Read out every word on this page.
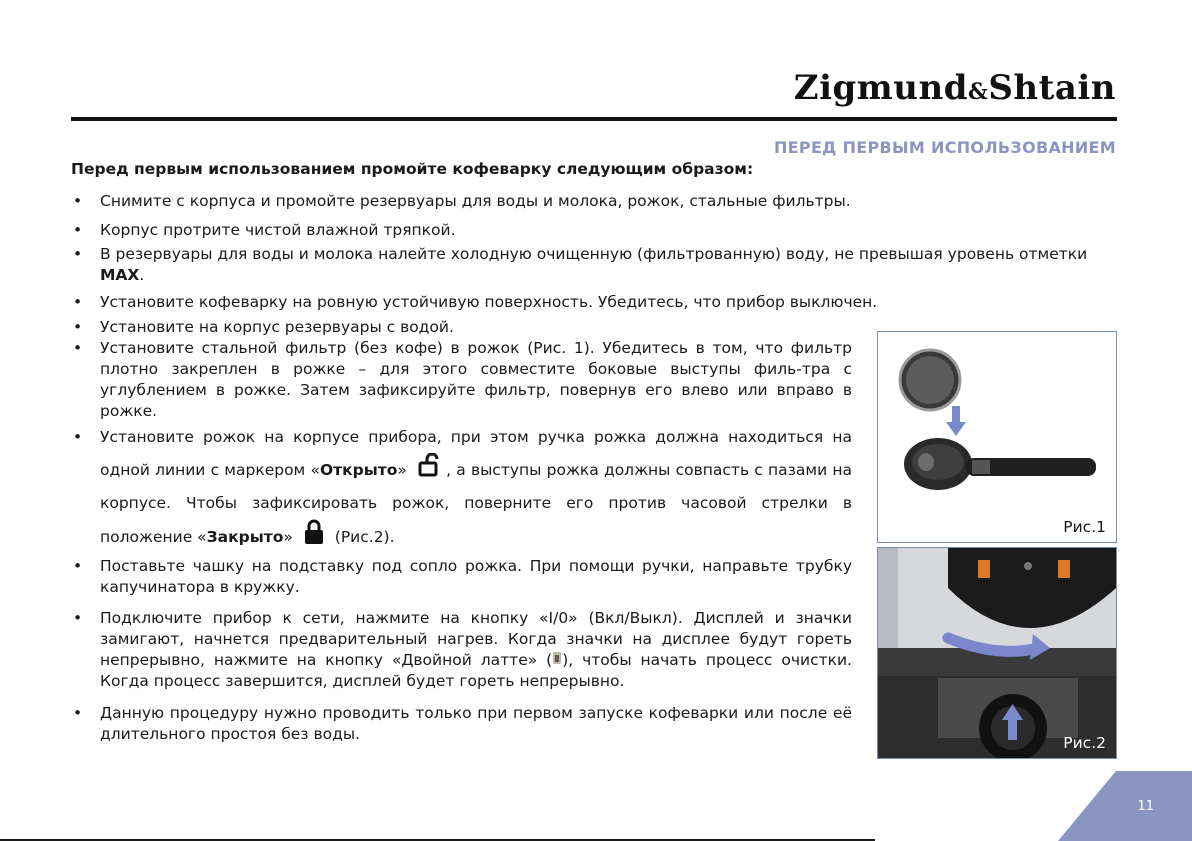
Zigmund&Shtain
ПЕРЕД ПЕРВЫМ ИСПОЛЬЗОВАНИЕМ
Перед первым использованием промойте кофеварку следующим образом:
• Снимите с корпуса и промойте резервуары для воды и молока, рожок, стальные фильтры.
• Корпус протрите чистой влажной тряпкой.
• В резервуары для воды и молока налейте холодную очищенную (фильтрованную) воду, не превышая уровень отметки MAX.
• Установите кофеварку на ровную устойчивую поверхность. Убедитесь, что прибор выключен.
• Установите на корпус резервуары с водой.
• Установите стальной фильтр (без кофе) в рожок (Рис. 1). Убедитесь в том, что фильтр плотно закреплен в рожке – для этого совместите боковые выступы филь-тра с углублением в рожке. Затем зафиксируйте фильтр, повернув его влево или вправо в рожке.
• Установите рожок на корпусе прибора, при этом ручка рожка должна находиться на одной линии с маркером «Открыто»	, а выступы рожка должны совпасть с пазами на корпусе. Чтобы зафиксировать рожок, поверните его против часовой стрелки в положение «Закрыто»	(Рис.2).
• Поставьте чашку на подставку под сопло рожка. При помощи ручки, направьте трубку капучинатора в кружку.
• Подключите прибор к сети, нажмите на кнопку «I/0» (Вкл/Выкл). Дисплей и значки замигают, начнется предварительный нагрев. Когда значки на дисплее будут гореть непрерывно, нажмите на кнопку «Двойной латте» ( ), чтобы начать процесс очистки. Когда процесс завершится, дисплей будет гореть непрерывно.
• Данную процедуру нужно проводить только при первом запуске кофеварки или после её длительного простоя без воды.
Рис.1
Рис.2
11
